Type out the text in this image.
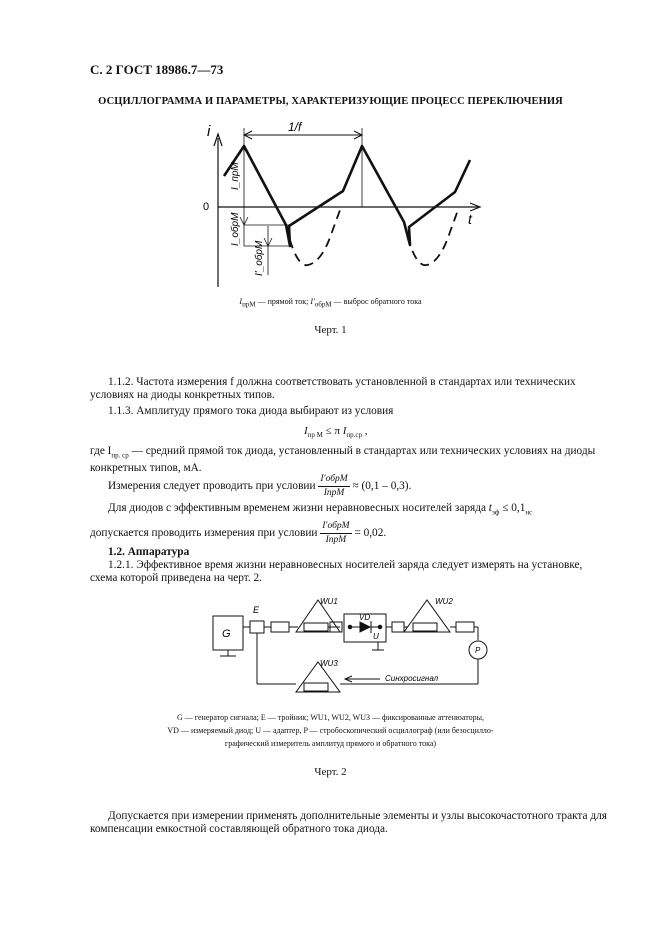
С. 2 ГОСТ 18986.7—73
ОСЦИЛЛОГРАММА И ПАРАМЕТРЫ, ХАРАКТЕРИЗУЮЩИЕ ПРОЦЕСС ПЕРЕКЛЮЧЕНИЯ
i
t
0
1/f
I_прM
I_обрM
I'_обрM
$I_{прM}$ — прямой ток; $I'_{обрM}$ — выброс обратного тока
Черт. 1
1.1.2. Частота измерения f должна соответствовать установленной в стандартах или технических условиях на диоды конкретных типов.
1.1.3. Амплитуду прямого тока диода выбирают из условия
$I_{пр M} \le \pi$ $I_{пр.ср}$ ,
где $I_{пр. ср}$ — средний прямой ток диода, установленный в стандартах или технических условиях на диоды конкретных типов, мА.
Измерения следует проводить при условии $\frac{\text{I′обрM}}{\text{IпрM}} \approx (0,1 - 0,3)$.
Для диодов с эффективным временем жизни неравновесных носителей заряда $t_{эф} \le 0,1_{нс}$
допускается проводить измерения при условии $\frac{\text{I′обрM}}{\text{IпрM}} = 0,02$.
1.2. Аппаратура
1.2.1. Эффективное время жизни неравновесных носителей заряда следует измерять на установке, схема которой приведена на черт. 2.
G
E
WU1	WU2
WU3
VD
U
P
Синхросигнал
G — генератор сигнала; E — тройник; WU1, WU2, WU3 — фиксированные аттенюаторы,
VD — измеряемый диод; U — адаптер, P — стробоскопический осциллограф (или безосцилло-
графический измеритель амплитуд прямого и обратного тока)
Черт. 2
Допускается при измерении применять дополнительные элементы и узлы высокочастотного тракта для компенсации емкостной составляющей обратного тока диода.
